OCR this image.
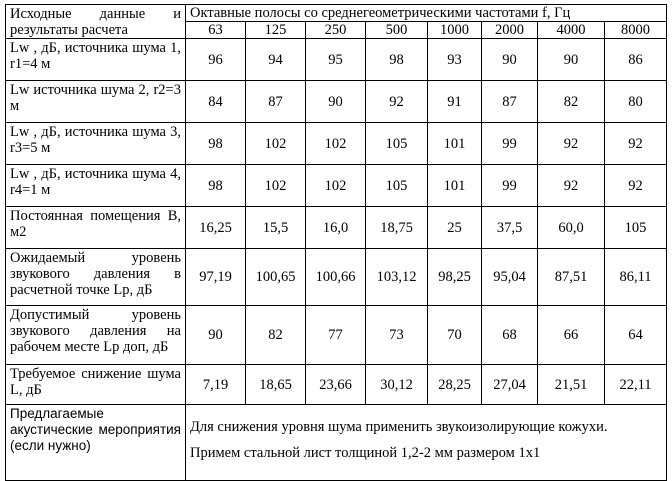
Исходные данные и результаты расчета	Октавные полосы со среднегеометрическими частотами f, Гц							
	63	125	250	500	1000	2000	4000	8000
Lw , дБ, источника шума 1, r1=4 м	96	94	95	98	93	90	90	86
Lw источника шума 2, r2=3 м	84	87	90	92	91	87	82	80
Lw , дБ, источника шума 3, r3=5 м	98	102	102	105	101	99	92	92
Lw , дБ, источника шума 4, r4=1 м	98	102	102	105	101	99	92	92
Постоянная помещения B, м2	16,25	15,5	16,0	18,75	25	37,5	60,0	105
Ожидаемый уровень звукового давления в расчетной точке Lp, дБ	97,19	100,65	100,66	103,12	98,25	95,04	87,51	86,11
Допустимый уровень звукового давления на рабочем месте Lp доп, дБ	90	82	77	73	70	68	66	64
Требуемое снижение шума L, дБ	7,19	18,65	23,66	30,12	28,25	27,04	21,51	22,11
Предлагаемые акустические мероприятия (если нужно)	Для снижения уровня шума применить звукоизолирующие кожухи.

Примем стальной лист толщиной 1,2-2 мм размером 1х1							
